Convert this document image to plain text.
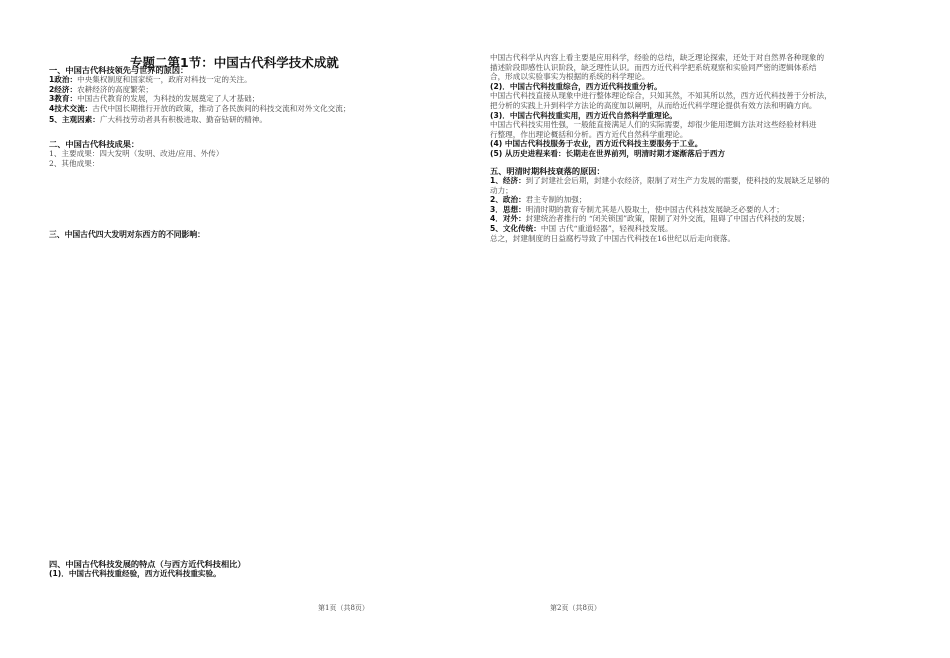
专题二第1节：中国古代科学技术成就
一、中国古代科技领先与世界的原因：
1政治：中央集权制度和国家统一，政府对科技一定的关注。
2经济：农耕经济的高度繁荣；
3教育：中国古代教育的发展，为科技的发展奠定了人才基础；
4技术交流：古代中国长期推行开放的政策，推动了各民族间的科技交流和对外文化交流；
5、主观因素：广大科技劳动者具有积极进取、勤奋钻研的精神。
二、中国古代科技成果：
1、主要成果：四大发明（发明、改进/应用、外传）
2、其他成果：
三、中国古代四大发明对东西方的不同影响：
四、中国古代科技发展的特点（与西方近代科技相比）
(1)．中国古代科技重经验，西方近代科技重实验。
第1页（共8页）
中国古代科学从内容上看主要是应用科学，经验的总结，缺乏理论探索，还处于对自然界各种现象的
描述阶段即感性认识阶段，缺乏理性认识。而西方近代科学把系统观察和实验同严密的逻辑体系结
合，形成以实验事实为根据的系统的科学理论。
(2)．中国古代科技重综合，西方近代科技重分析。
中国古代科技直接从现象中进行整体理论综合，只知其然，不知其所以然，西方近代科技善于分析法，
把分析的实践上升到科学方法论的高度加以阐明，从而给近代科学理论提供有效方法和明确方向。
(3)．中国古代科技重实用，西方近代自然科学重理论。
中国古代科技实用性强，一般能直接满足人们的实际需要，却很少能用逻辑方法对这些经验材料进
行整理，作出理论概括和分析。西方近代自然科学重理论。
(4) 中国古代科技服务于农业，西方近代科技主要服务于工业。
(5) 从历史进程来看：长期走在世界前列，明清时期才逐渐落后于西方
五、明清时期科技衰落的原因：
1、经济：到了封建社会后期，封建小农经济，限制了对生产力发展的需要，使科技的发展缺乏足够的
动力；
2、政治：君主专制的加强；
3．思想：明清时期的教育专制尤其是八股取士，使中国古代科技发展缺乏必要的人才；
4．对外：封建统治者推行的 “闭关锁国”政策，限制了对外交流，阻碍了中国古代科技的发展；
5、文化传统：中国 古代“重道轻器”，轻视科技发展。
总之，封建制度的日益腐朽导致了中国古代科技在16世纪以后走向衰落。
第2页（共8页）
